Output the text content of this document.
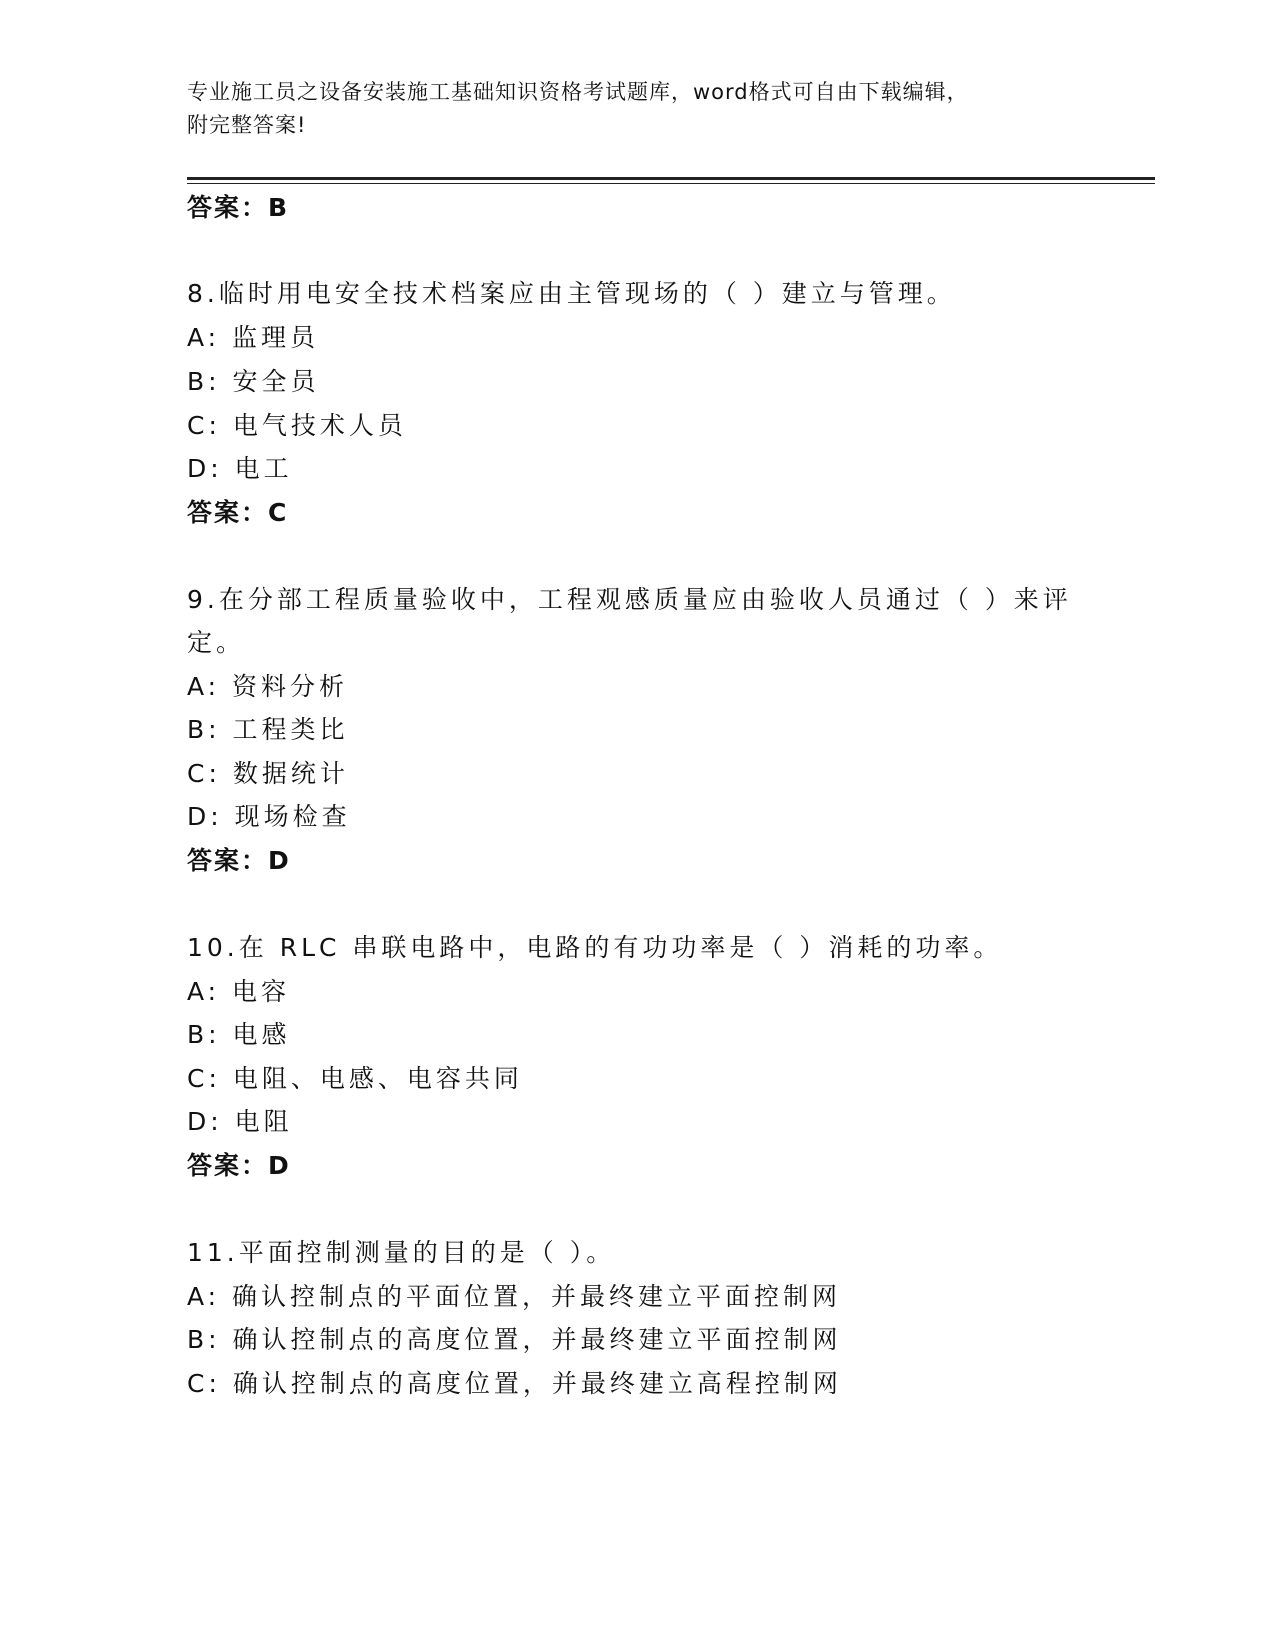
专业施工员之设备安装施工基础知识资格考试题库，word格式可自由下载编辑，
附完整答案!
答案：B
8.临时用电安全技术档案应由主管现场的（ ）建立与管理。
A: 监理员
B: 安全员
C: 电气技术人员
D: 电工
答案：C
9.在分部工程质量验收中，工程观感质量应由验收人员通过（ ）来评
定。
A: 资料分析
B: 工程类比
C: 数据统计
D: 现场检查
答案：D
10.在 RLC 串联电路中，电路的有功功率是（ ）消耗的功率。
A: 电容
B: 电感
C: 电阻、电感、电容共同
D: 电阻
答案：D
11.平面控制测量的目的是（ ）。
A: 确认控制点的平面位置，并最终建立平面控制网
B: 确认控制点的高度位置，并最终建立平面控制网
C: 确认控制点的高度位置，并最终建立高程控制网
